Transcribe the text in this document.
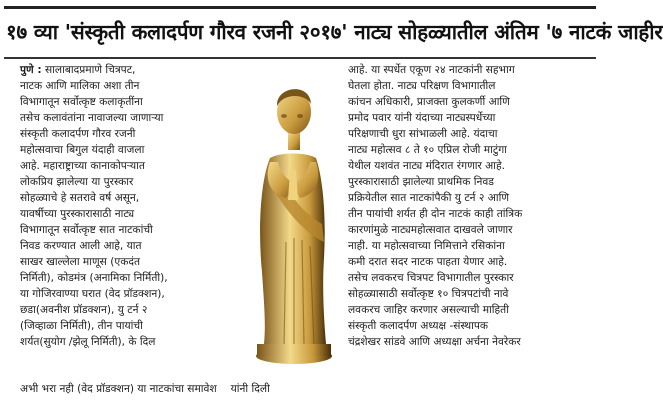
१७ व्या 'संस्कृती कलादर्पण गौरव रजनी २०१७' नाट्य सोहळ्यातील अंतिम '७ नाटकं जाहीर
पुणे : सालाबादप्रमाणे चित्रपट,
नाटक आणि मालिका अशा तीन
विभागातून सर्वोत्कृष्ट कलाकृतींना
तसेच कलावंतांना नावाजल्या जाणाऱ्या
संस्कृती कलादर्पण गौरव रजनी
महोत्सवाचा बिगुल यंदाही वाजला
आहे. महाराष्ट्राच्या कानाकोपऱ्यात
लोकप्रिय झालेल्या या पुरस्कार
सोहळ्याचे हे सतरावे वर्ष असून,
यावर्षीच्या पुरस्कारासाठी नाट्य
विभागातून सर्वोत्कृष्ट सात नाटकांची
निवड करण्यात आली आहे, यात
साखर खाल्लेला माणूस (एकदंत
निर्मिती), कोडमंत्र (अनामिका निर्मिती),
या गोजिरवाण्या घरात (वेद प्रॉडक्शन),
छडा(अवनीश प्रॉडक्शन), यु टर्न २
(जिव्हाळा निर्मिती), तीन पायांची
शर्यत(सुयोग /झेलू निर्मिती), के दिल
आहे. या स्पर्धेत एकूण २४ नाटकांनी सहभाग
घेतला होता. नाट्य परिक्षण विभागातील
कांचन अधिकारी, प्राजक्ता कुलकर्णी आणि
प्रमोद पवार यांनी यंदाच्या नाट्यस्पर्धेच्या
परिक्षणाची धुरा सांभाळली आहे. यंदाचा
नाट्य महोत्सव ८ ते १० एप्रिल रोजी माटुंगा
येथील यशवंत नाट्य मंदिरात रंगणार आहे.
पुरस्कारासाठी झालेल्या प्राथमिक निवड
प्रक्रियेतील सात नाटकांपैकी यु टर्न २ आणि
तीन पायांची शर्यत ही दोन नाटकं काही तांत्रिक
कारणांमुळे नाट्यमहोत्सवात दाखवले जाणार
नाही. या महोत्सवाच्या निमित्ताने रसिकांना
कमी दरात सदर नाटक पाहता येणार आहे.
तसेच लवकरच चित्रपट विभागातील पुरस्कार
सोहळ्यासाठी सर्वोत्कृष्ट १० चित्रपटांची नावे
लवकरच जाहिर करणार असल्याची माहिती
संस्कृती कलादर्पण अध्यक्ष -संस्थापक
चंद्रशेखर सांडवे आणि अध्यक्षा अर्चना नेवरेकर
अभी भरा नही (वेद प्रॉडक्शन) या नाटकांचा समावेश यांनी दिली
